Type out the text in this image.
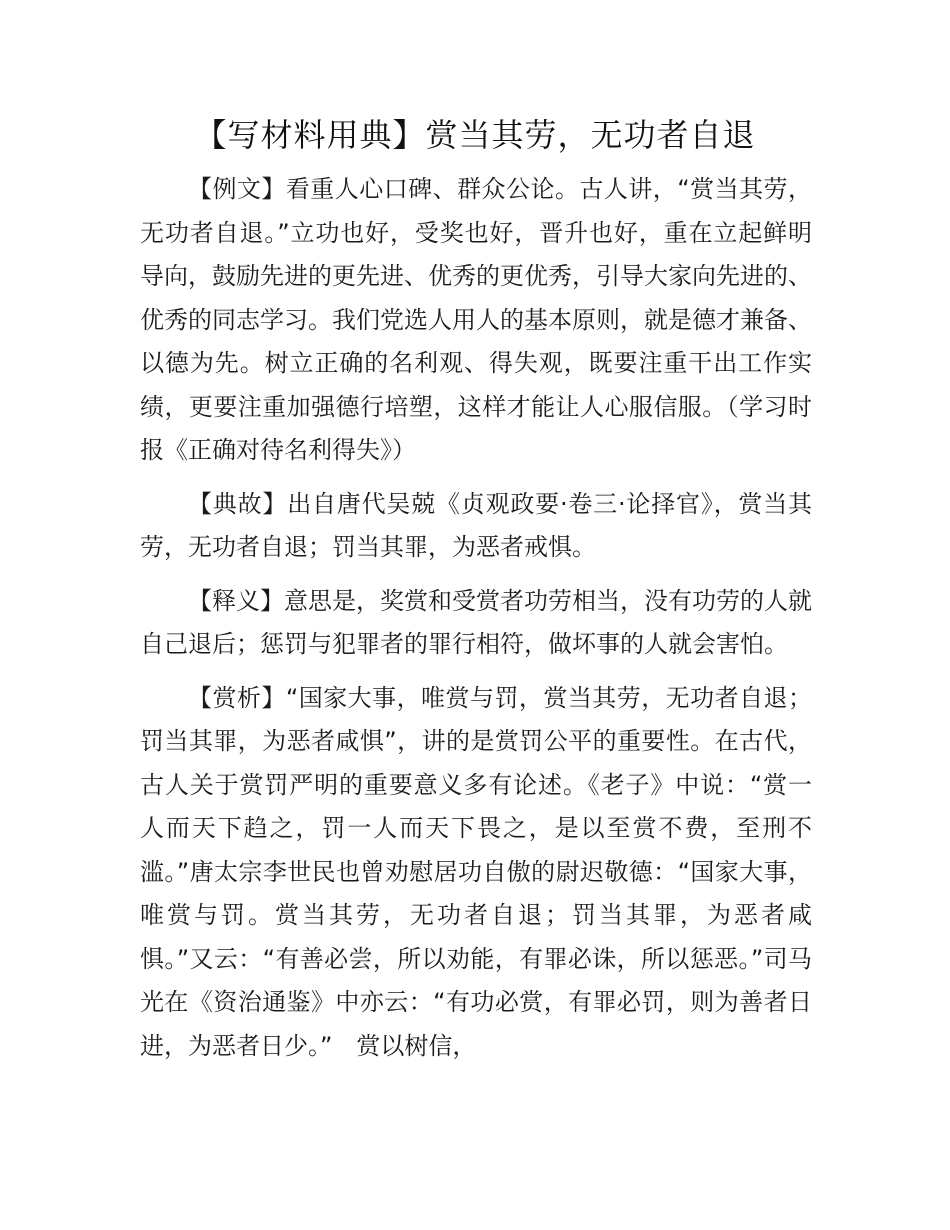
【写材料用典】赏当其劳，无功者自退

【例文】看重人心口碑、群众公论。古人讲，“赏当其劳，无功者自退。”立功也好，受奖也好，晋升也好，重在立起鲜明导向，鼓励先进的更先进、优秀的更优秀，引导大家向先进的、优秀的同志学习。我们党选人用人的基本原则，就是德才兼备、以德为先。树立正确的名利观、得失观，既要注重干出工作实绩，更要注重加强德行培塑，这样才能让人心服信服。（学习时报《正确对待名利得失》）

【典故】出自唐代吴兢《贞观政要·卷三·论择官》，赏当其劳，无功者自退；罚当其罪，为恶者戒惧。

【释义】意思是，奖赏和受赏者功劳相当，没有功劳的人就自己退后；惩罚与犯罪者的罪行相符，做坏事的人就会害怕。

【赏析】“国家大事，唯赏与罚，赏当其劳，无功者自退；罚当其罪，为恶者咸惧”，讲的是赏罚公平的重要性。在古代，古人关于赏罚严明的重要意义多有论述。《老子》中说：“赏一人而天下趋之，罚一人而天下畏之，是以至赏不费，至刑不滥。”唐太宗李世民也曾劝慰居功自傲的尉迟敬德：“国家大事，唯赏与罚。赏当其劳，无功者自退；罚当其罪，为恶者咸惧。”又云：“有善必尝，所以劝能，有罪必诛，所以惩恶。”司马光在《资治通鉴》中亦云：“有功必赏，有罪必罚，则为善者日进，为恶者日少。”　赏以树信，
